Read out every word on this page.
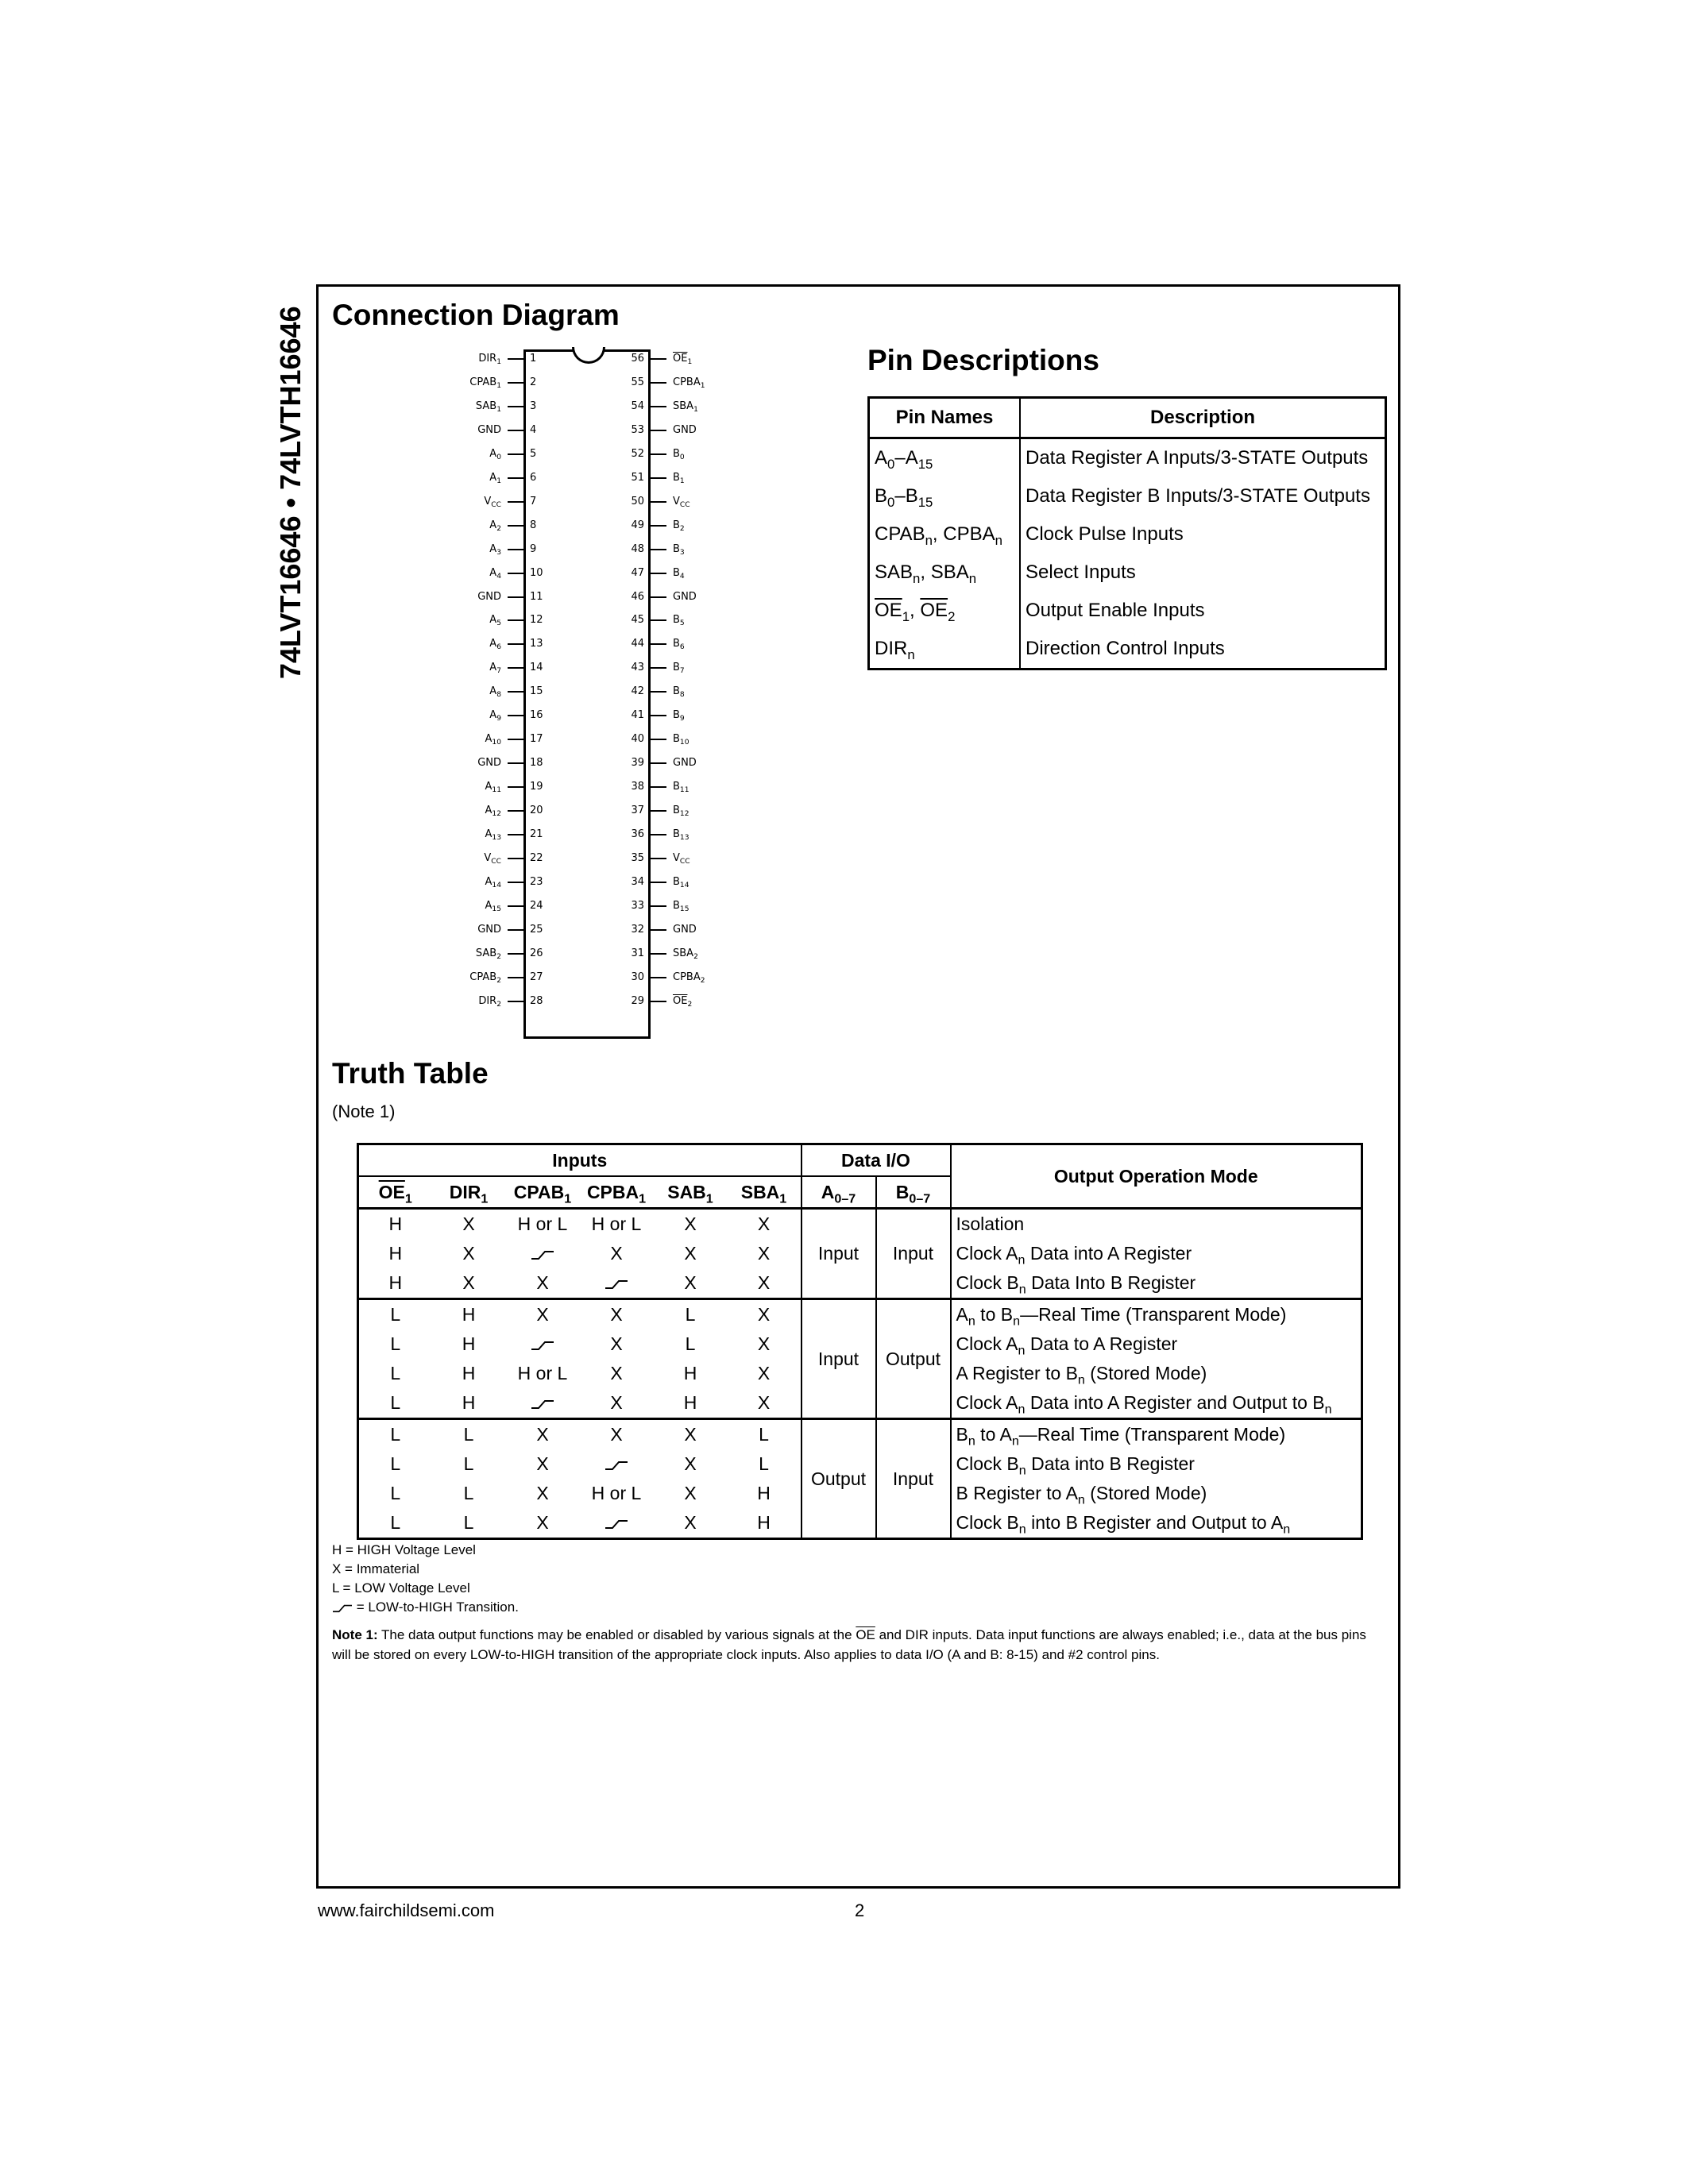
74LVT16646 • 74LVTH16646 Connection Diagram
$DIR_1$	1
$CPAB_1$	2
$SAB_1$	3
GND	4
$A_0$	5
$A_1$	6
$V_{CC}$	7
$A_2$	8
$A_3$	9
$A_4$	10
GND	11
$A_5$	12
$A_6$	13
$A_7$	14
$A_8$	15
$A_9$	16
$A_{10}$	17
GND	18
$A_{11}$	19
$A_{12}$	20
$A_{13}$	21
$V_{CC}$	22
$A_{14}$	23
$A_{15}$	24
GND	25
$SAB_2$	26
$CPAB_2$	27
$DIR_2$	28
$\overline{OE}_1$
56
$CPBA_1$
55
$SBA_1$
54
GND
53
$B_0$
52
$B_1$
51
$V_{CC}$
50
$B_2$
49
$B_3$
48
$B_4$
47
GND
46
$B_5$
45
$B_6$
44
$B_7$
43
$B_8$
42
$B_9$
41
$B_{10}$
40
GND
39
$B_{11}$
38
$B_{12}$
37
$B_{13}$
36
$V_{CC}$
35
$B_{14}$
34
$B_{15}$
33
GND
32
$SBA_2$
31
$CPBA_2$
30
$\overline{OE}_2$
29
Pin Descriptions
Pin Names	Description
$A_0-A_{15}$	Data Register A Inputs/3-STATE Outputs
$B_0-B_{15}$	Data Register B Inputs/3-STATE Outputs
$CPAB_n$, $CPBA_n$	Clock Pulse Inputs
$SAB_n$, $SBA_n$	Select Inputs
$\overline{OE}_1$, $\overline{OE}_2$	Output Enable Inputs
$DIR_n$	Direction Control Inputs
Truth Table
(Note 1)
Inputs						Data I/O		Output Operation Mode
$\overline{OE}_1$	$DIR_1$	$CPAB_1$	$CPBA_1$	$SAB_1$	$SBA_1$	$A_{0-7}$	$B_{0-7}$
H	X	H or L	H or L	X	X	Input	Input	Isolation
H	X		X	X	X			Clock $A_n$ Data into A Register
H	X	X		X	X			Clock $B_n$ Data Into B Register
L	H	X	X	L	X	Input	Output	$A_n$ to $B_n—Real$ Time (Transparent Mode)
L	H		X	L	X			Clock $A_n$ Data to A Register
L	H	H or L	X	H	X			A Register to $B_n$ (Stored Mode)
L	H		X	H	X			Clock $A_n$ Data into A Register and Output to $B_n$
L	L	X	X	X	L	Output	Input	$B_n$ to $A_n—Real$ Time (Transparent Mode)
L	L	X		X	L			Clock $B_n$ Data into B Register
L	L	X	H or L	X	H			B Register to $A_n$ (Stored Mode)
L	L	X		X	H			Clock $B_n$ into B Register and Output to $A_n$
H = HIGH Voltage Level
X = Immaterial
L = LOW Voltage Level
= LOW-to-HIGH Transition.
Note 1: The data output functions may be enabled or disabled by various signals at the $\overline{OE}$ and DIR inputs. Data input functions are always enabled; i.e., data at the bus pins will be stored on every LOW-to-HIGH transition of the appropriate clock inputs. Also applies to data I/O (A and B: 8-15) and #2 control pins.
www.fairchildsemi.com	2
